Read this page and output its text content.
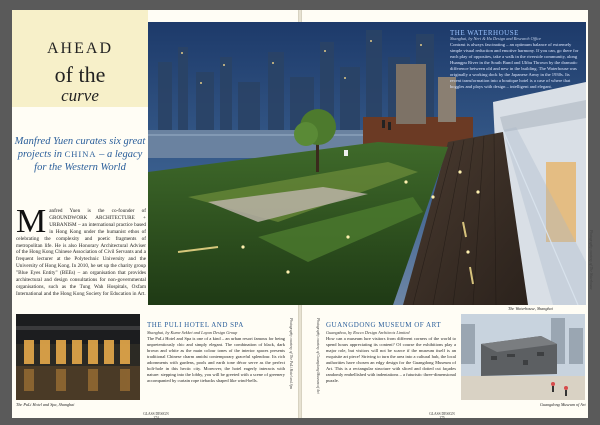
AHEAD
of the
curve
Manfred Yuen curates six great projects in CHINA – a legacy for the Western World
M anfred Yuen is the co-founder of GROUNDWORK ARCHITECTURE + URBANISM – an international practice based in Hong Kong under the humanist ethos of celebrating the complexity and poetic fragments of metropolitan life. He is also Honorary Architectural Adviser of the Hong Kong Chinese Association of Civil Servants and a frequent lecturer at the Polytechnic University and the University of Hong Kong. In 2010, he set up the charity group "Blue Eyes Entity" (BEEs) – an organisation that provides architectural and design consultations for non-governmental organisations, such as the Tung Wah Hospitals, Oxfam International and the Hong Kong Society for Education in Art.
THE WATERHOUSE
Shanghai, by Neri & Hu Design and Research Office
Contrast is always fascinating – an optimum balance of extremely simple visual reduction and emotive harmony. If you can, go there for each play of opposites, take a walk in the riverside community, along Huangpu River in the South Bund and Ulibu Thrown by the dramatic difference between old and new in the building. The Waterhouse was originally a working dock by the Japanese Army in the 1930s. Its recent transformation into a boutique hotel is a case of where that boggles and plays with design – intelligent and elegant.
The Waterhouse, Shanghai
Photography courtesy of The Waterhouse
The PuLi Hotel and Spa, Shanghai
THE PULI HOTEL AND SPA
Shanghai, by Kume Sekkei and Layan Design Group
The PuLi Hotel and Spa is one of a kind – an urban resort famous for being unpretentiously chic and simply elegant. The combination of black, dark brown and white as the main colour tones of the interior spaces presents traditional Chinese charm amidst contemporary graceful splendour. Its rich adornments with gardens, pools and earth tone décor serve as the perfect bolt-hole in this hectic city. Moreover, the hotel eagerly interacts with nature: stepping into the lobby, you will be greeted with a scene of greenery accompanied by curtain rope tiebacks shaped like wind-bells.	Photography courtesy of The PuLi Hotel and Spa	Photography courtesy of Guangdong Museum of Art GUANGDONG MUSEUM OF ART
Guangzhou, by Rocco Design Architects Limited
How can a museum lure visitors from different corners of the world to spend hours appreciating its content? Of course the exhibitions play a major role, but visitors will not be scarce if the museum itself is an exquisite art piece! Striving to turn the area into a cultural hub, the local authorities have chosen an edgy design for the Guangdong Museum of Art. This is a rectangular structure with sliced and dotted cut façades randomly embellished with indentations – a futuristic three-dimensional puzzle.
Guangdong Museum of Art
GLASS DESIGN
174
GLASS DESIGN
175
